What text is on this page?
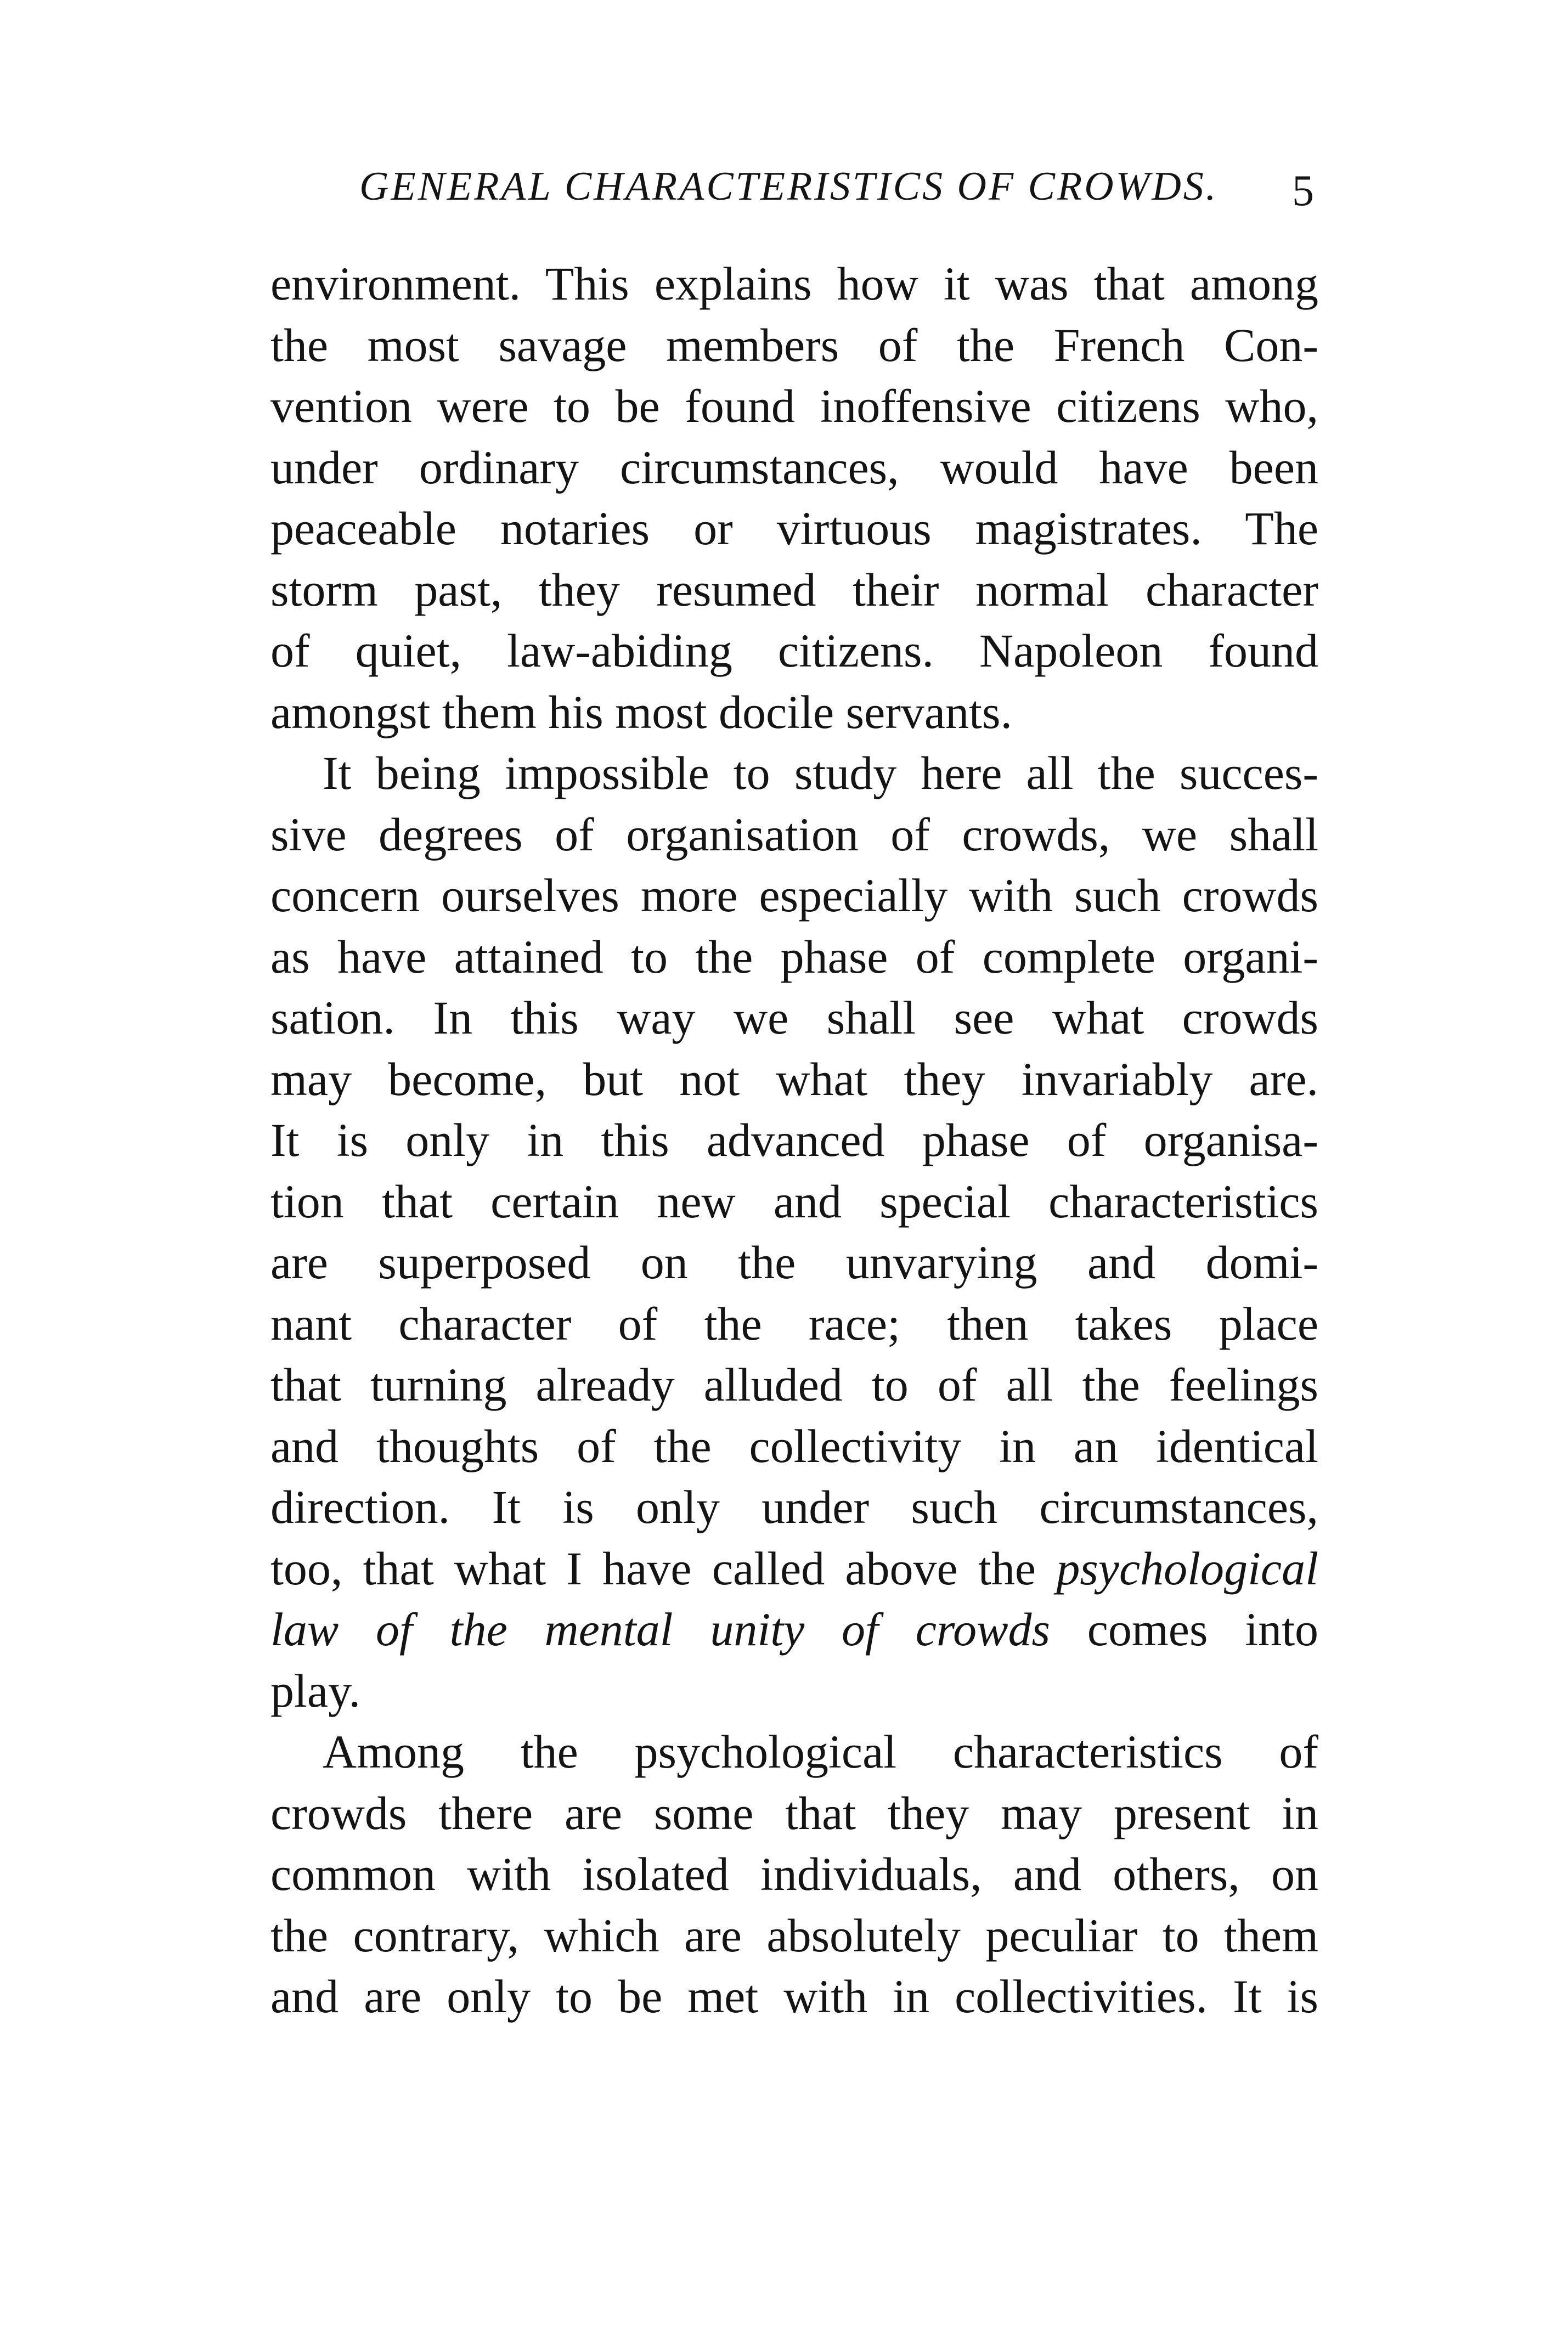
GENERAL CHARACTERISTICS OF CROWDS. 5
environment. This explains how it was that among
the most savage members of the French Con-
vention were to be found inoffensive citizens who,
under ordinary circumstances, would have been
peaceable notaries or virtuous magistrates. The
storm past, they resumed their normal character
of quiet, law-abiding citizens. Napoleon found
amongst them his most docile servants.
It being impossible to study here all the succes-
sive degrees of organisation of crowds, we shall
concern ourselves more especially with such crowds
as have attained to the phase of complete organi-
sation. In this way we shall see what crowds
may become, but not what they invariably are.
It is only in this advanced phase of organisa-
tion that certain new and special characteristics
are superposed on the unvarying and domi-
nant character of the race; then takes place
that turning already alluded to of all the feelings
and thoughts of the collectivity in an identical
direction. It is only under such circumstances,
too, that what I have called above the psychological
law of the mental unity of crowds comes into
play.
Among the psychological characteristics of
crowds there are some that they may present in
common with isolated individuals, and others, on
the contrary, which are absolutely peculiar to them
and are only to be met with in collectivities. It is
